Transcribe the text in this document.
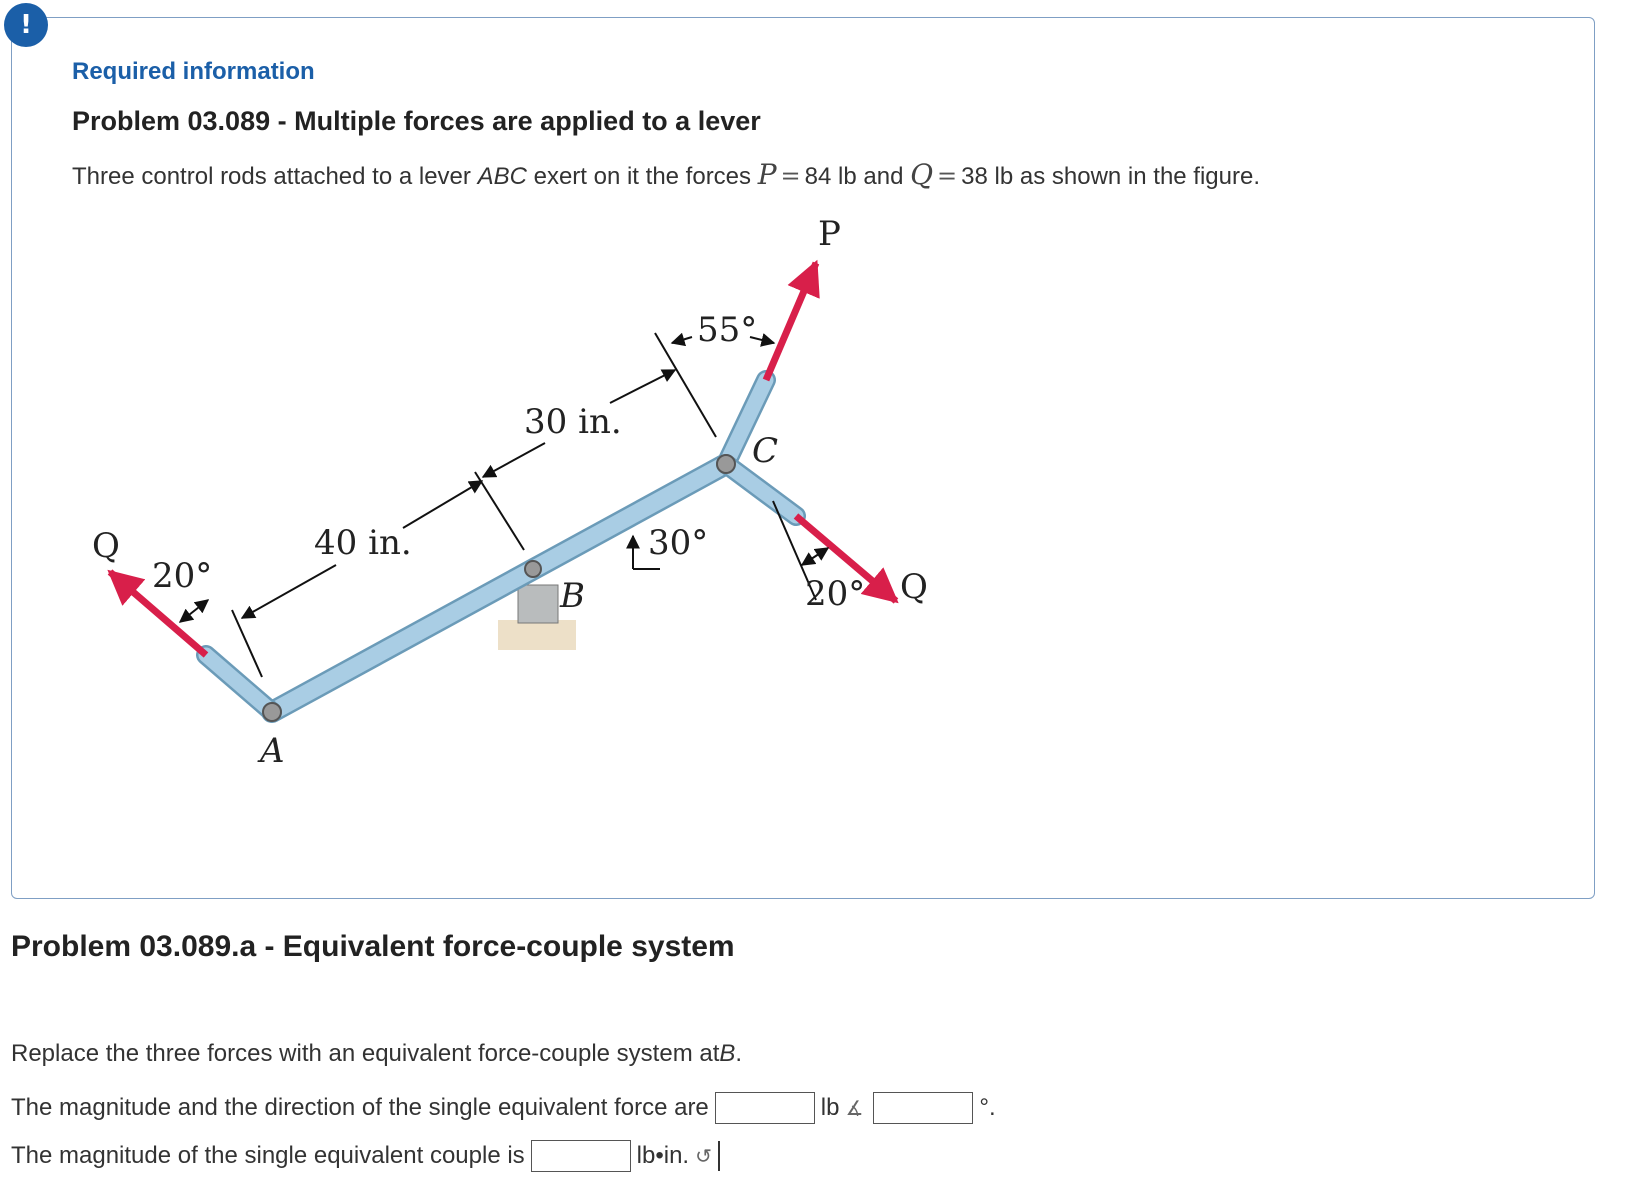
!
Required information
Problem 03.089 - Multiple forces are applied to a lever

Three control rods attached to a lever ABC exert on it the forces P = 84 lb and Q = 38 lb as shown in the figure.

P
Q
Q
40 in.
30 in.
55°
30°
20°	20°
A
B
C
Problem 03.089.a - Equivalent force-couple system

Replace the three forces with an equivalent force-couple system at B .

The magnitude and the direction of the single equivalent force are	lb ∡	°.

The magnitude of the single equivalent couple is	lb•in. ↺
